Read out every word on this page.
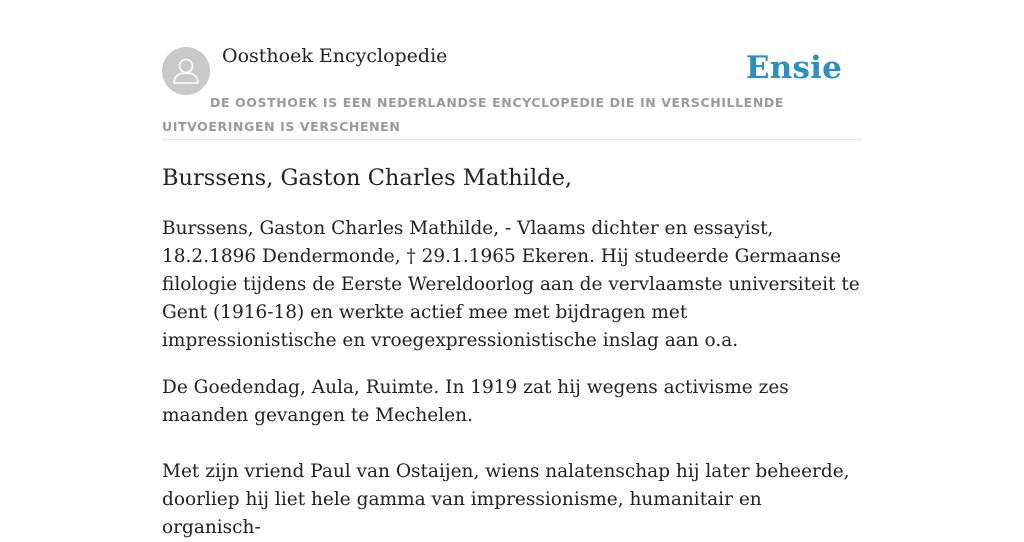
Oosthoek Encyclopedie	Ensie
DE OOSTHOEK IS EEN NEDERLANDSE ENCYCLOPEDIE DIE IN VERSCHILLENDE UITVOERINGEN IS VERSCHENEN
Burssens, Gaston Charles Mathilde,

Burssens, Gaston Charles Mathilde, - Vlaams dichter en essayist, 18.2.1896 Dendermonde, † 29.1.1965 Ekeren. Hij studeerde Germaanse filologie tijdens de Eerste Wereldoorlog aan de vervlaamste universiteit te Gent (1916-18) en werkte actief mee met bijdragen met impressionistische en vroegexpressionistische inslag aan o.a.

De Goedendag, Aula, Ruimte. In 1919 zat hij wegens activisme zes maanden gevangen te Mechelen.

Met zijn vriend Paul van Ostaijen, wiens nalatenschap hij later beheerde, doorliep hij liet hele gamma van impressionisme, humanitair en organisch-
